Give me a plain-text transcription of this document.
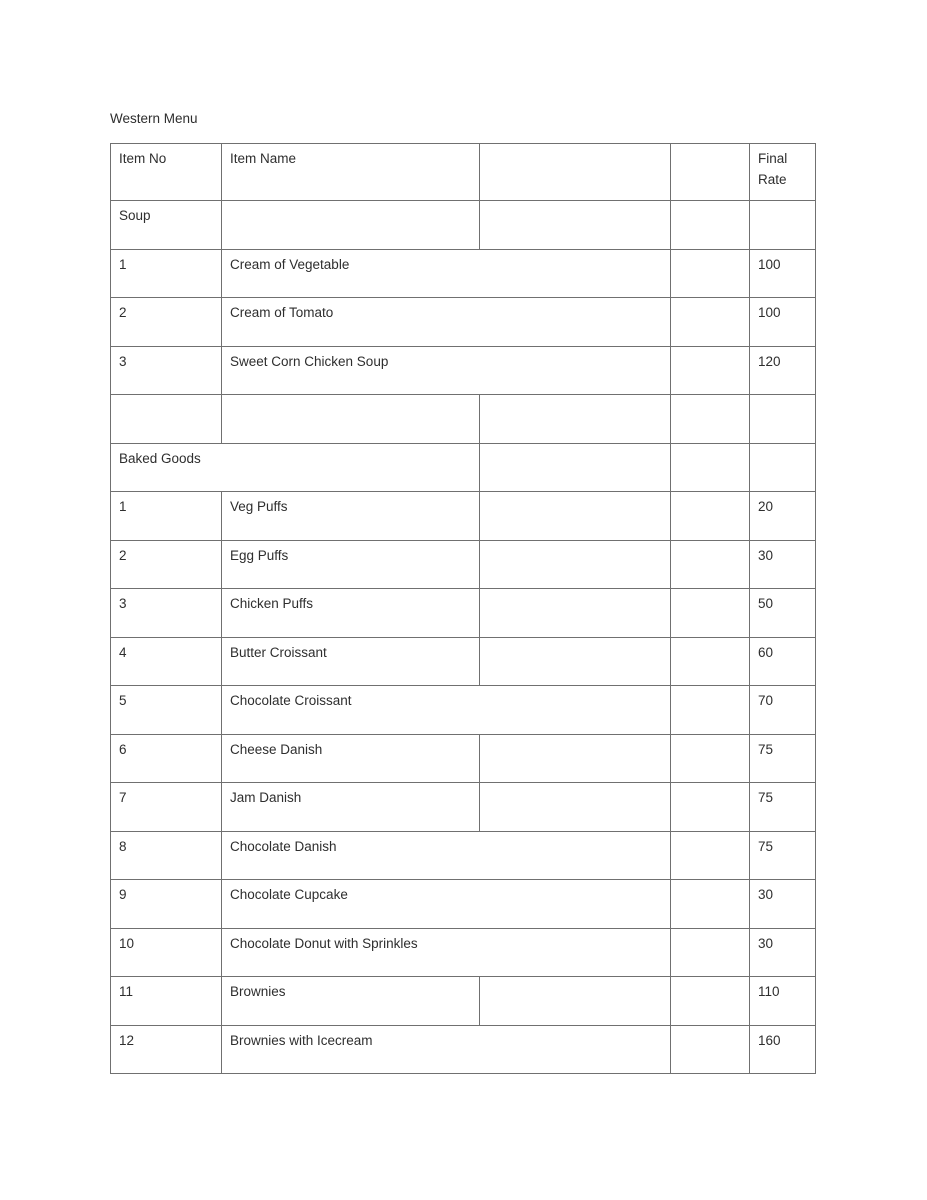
Western Menu
Item No	Item Name			Final Rate
Soup				
1	Cream of Vegetable			100
2	Cream of Tomato			100
3	Sweet Corn Chicken Soup			120

Baked Goods				
1	Veg Puffs			20
2	Egg Puffs			30
3	Chicken Puffs			50
4	Butter Croissant			60
5	Chocolate Croissant			70
6	Cheese Danish			75
7	Jam Danish			75
8	Chocolate Danish			75
9	Chocolate Cupcake			30
10	Chocolate Donut with Sprinkles			30
11	Brownies			110
12	Brownies with Icecream			160
